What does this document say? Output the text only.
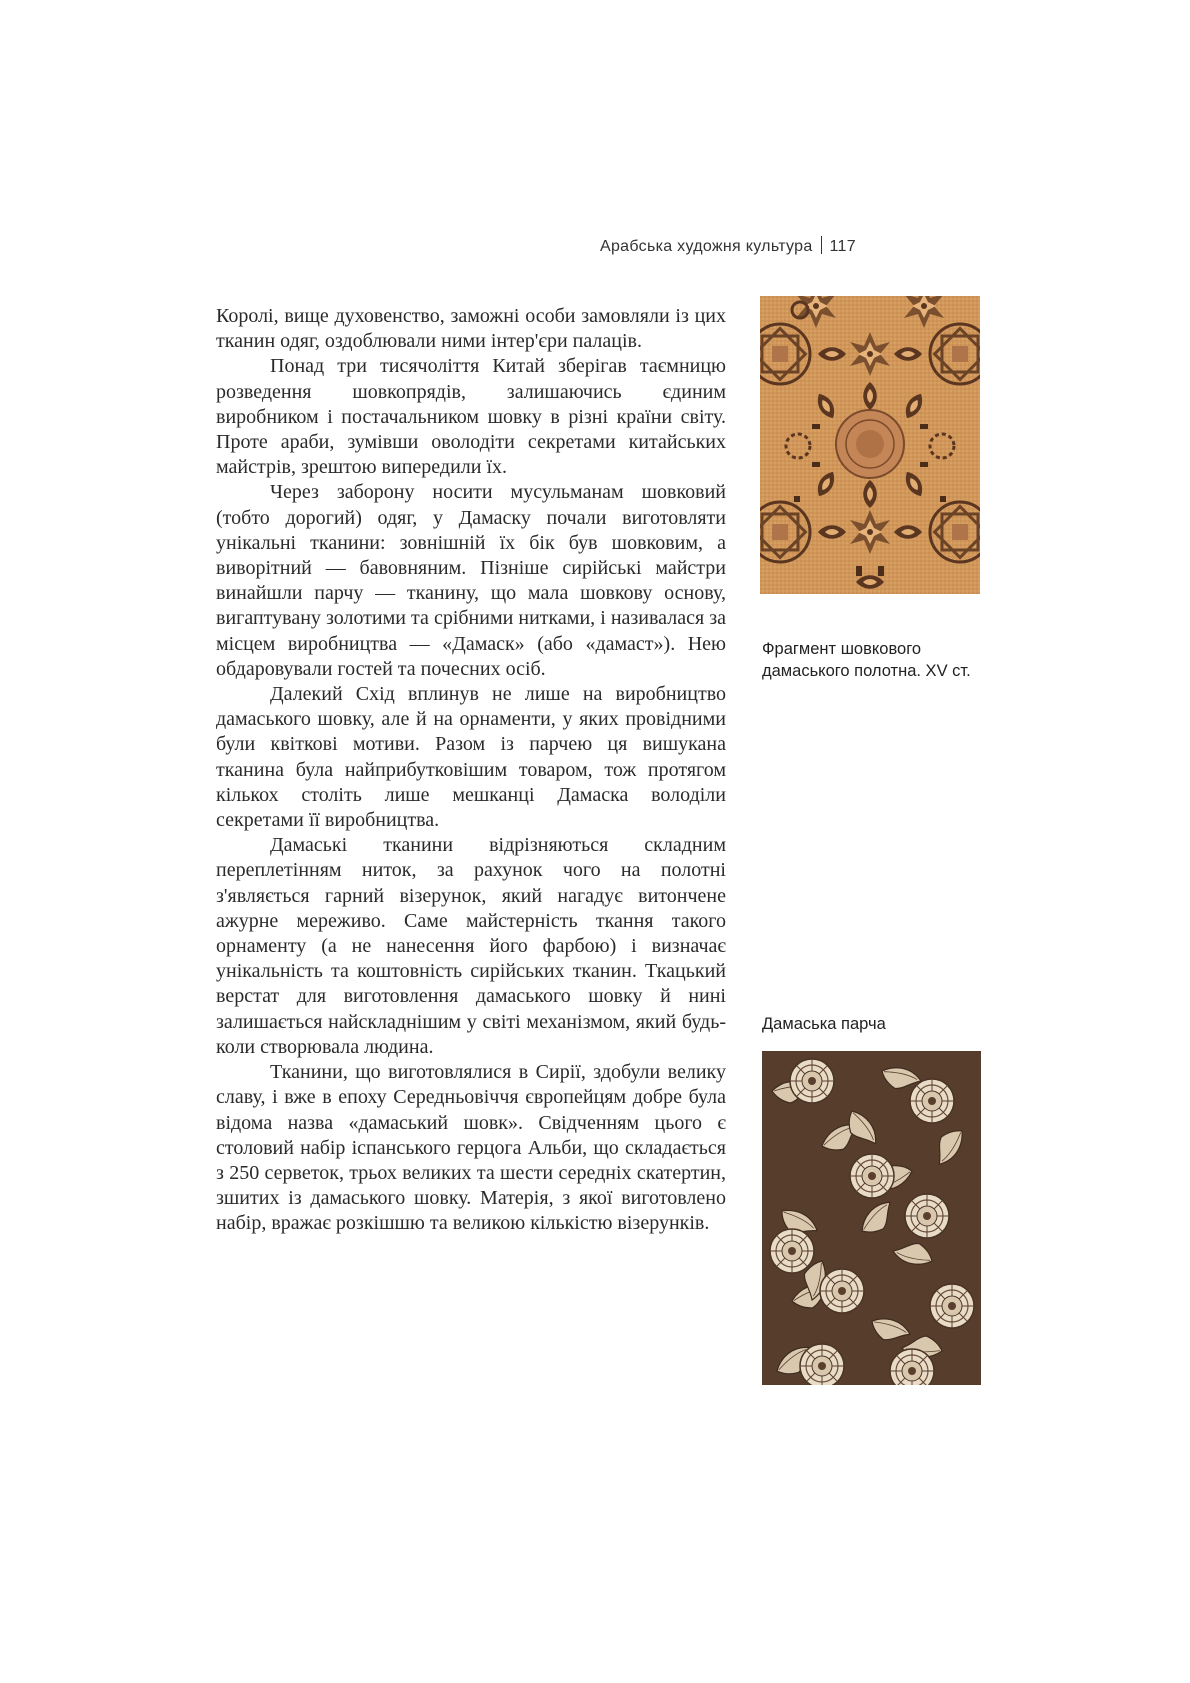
Арабська художня культура 117

Королі, вище духовенство, заможні особи замовляли із цих тканин одяг, оздоблювали ними інтер'єри палаців.

Понад три тисячоліття Китай зберігав таємницю розведення шовкопрядів, залишаючись єдиним виробником і постачальником шовку в різні країни світу. Проте араби, зумівши оволодіти секретами китайських майстрів, зрештою випередили їх.

Через заборону носити мусульманам шовковий (тобто дорогий) одяг, у Дамаску почали виготовляти унікальні тканини: зовнішній їх бік був шовковим, а виворітний — бавовняним. Пізніше сирійські майстри винайшли парчу — тканину, що мала шовкову основу, вигаптувану золотими та срібними нитками, і називалася за місцем виробництва — «Дамаск» (або «дамаст»). Нею обдаровували гостей та почесних осіб.

Далекий Схід вплинув не лише на виробництво дамаського шовку, але й на орнаменти, у яких провідними були квіткові мотиви. Разом із парчею ця вишукана тканина була найприбутковішим товаром, тож протягом кількох століть лише мешканці Дамаска володіли секретами її виробництва.

Дамаські тканини відрізняються складним переплетінням ниток, за рахунок чого на полотні з'являється гарний візерунок, який нагадує витончене ажурне мереживо. Саме майстерність ткання такого орнаменту (а не нанесення його фарбою) і визначає унікальність та коштовність сирійських тканин. Ткацький верстат для виготовлення дамаського шовку й нині залишається найскладнішим у світі механізмом, який будь-коли створювала людина.

Тканини, що виготовлялися в Сирії, здобули велику славу, і вже в епоху Середньовіччя європейцям добре була відома назва «дамаський шовк». Свідченням цього є столовий набір іспанського герцога Альби, що складається з 250 серветок, трьох великих та шести середніх скатертин, зшитих із дамаського шовку. Матерія, з якої виготовлено набір, вражає розкішшю та великою кількістю візерунків.

Фрагмент шовкового дамаського полотна. XV ст.
Дамаська парча
